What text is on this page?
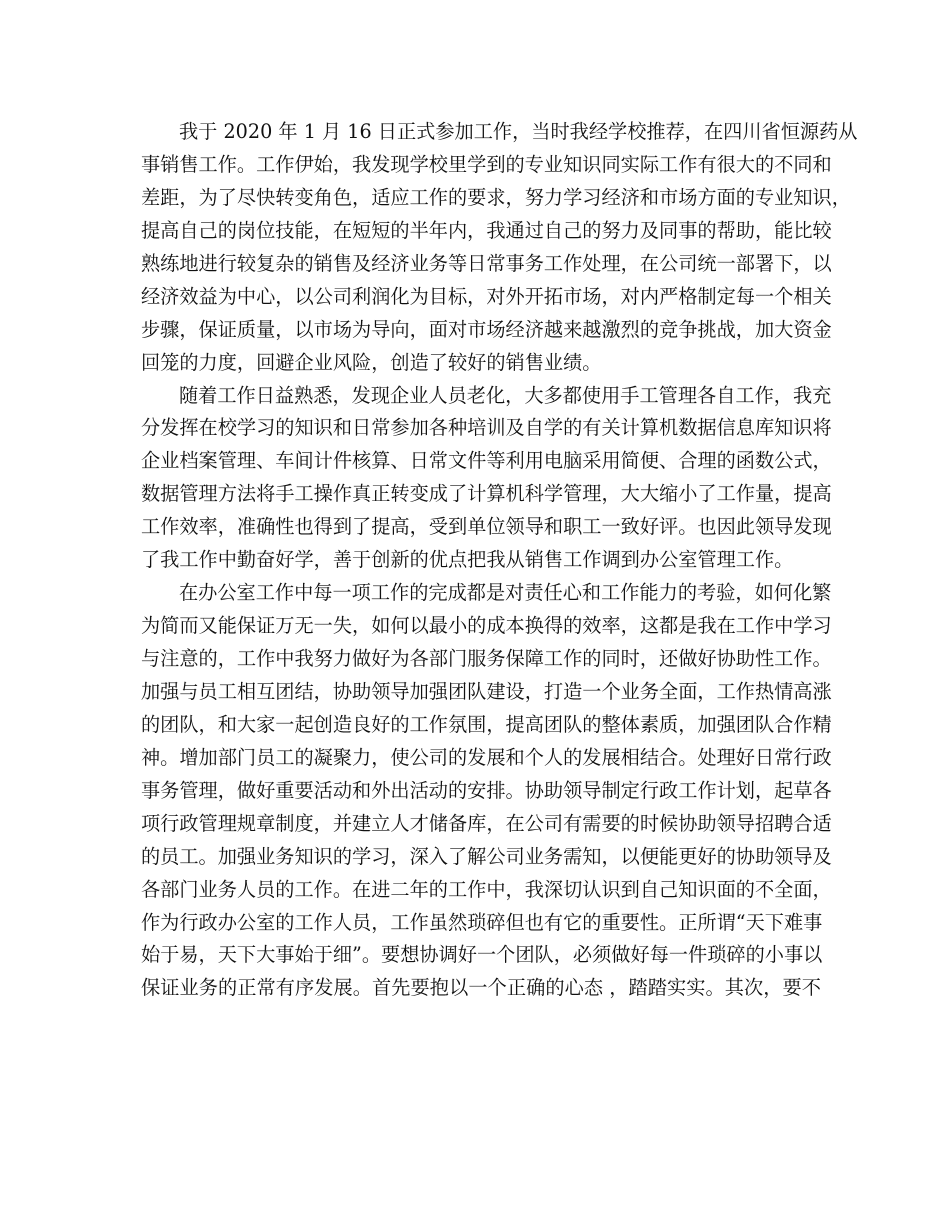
我于 2020 年 1 月 16 日正式参加工作，当时我经学校推荐，在四川省恒源药从
事销售工作。工作伊始，我发现学校里学到的专业知识同实际工作有很大的不同和
差距，为了尽快转变角色，适应工作的要求，努力学习经济和市场方面的专业知识，
提高自己的岗位技能，在短短的半年内，我通过自己的努力及同事的帮助，能比较
熟练地进行较复杂的销售及经济业务等日常事务工作处理，在公司统一部署下，以
经济效益为中心，以公司利润化为目标，对外开拓市场，对内严格制定每一个相关
步骤，保证质量，以市场为导向，面对市场经济越来越激烈的竞争挑战，加大资金
回笼的力度，回避企业风险，创造了较好的销售业绩。
随着工作日益熟悉，发现企业人员老化，大多都使用手工管理各自工作，我充
分发挥在校学习的知识和日常参加各种培训及自学的有关计算机数据信息库知识将
企业档案管理、车间计件核算、日常文件等利用电脑采用简便、合理的函数公式，
数据管理方法将手工操作真正转变成了计算机科学管理，大大缩小了工作量，提高
工作效率，准确性也得到了提高，受到单位领导和职工一致好评。也因此领导发现
了我工作中勤奋好学，善于创新的优点把我从销售工作调到办公室管理工作。
在办公室工作中每一项工作的完成都是对责任心和工作能力的考验，如何化繁
为简而又能保证万无一失，如何以最小的成本换得的效率，这都是我在工作中学习
与注意的，工作中我努力做好为各部门服务保障工作的同时，还做好协助性工作。
加强与员工相互团结，协助领导加强团队建设，打造一个业务全面，工作热情高涨
的团队，和大家一起创造良好的工作氛围，提高团队的整体素质，加强团队合作精
神。增加部门员工的凝聚力，使公司的发展和个人的发展相结合。处理好日常行政
事务管理，做好重要活动和外出活动的安排。协助领导制定行政工作计划，起草各
项行政管理规章制度，并建立人才储备库，在公司有需要的时候协助领导招聘合适
的员工。加强业务知识的学习，深入了解公司业务需知，以便能更好的协助领导及
各部门业务人员的工作。在进二年的工作中，我深切认识到自己知识面的不全面，
作为行政办公室的工作人员，工作虽然琐碎但也有它的重要性。正所谓“天下难事
始于易，天下大事始于细”。要想协调好一个团队，必须做好每一件琐碎的小事以
保证业务的正常有序发展。首先要抱以一个正确的心态 ，踏踏实实。其次，要不
